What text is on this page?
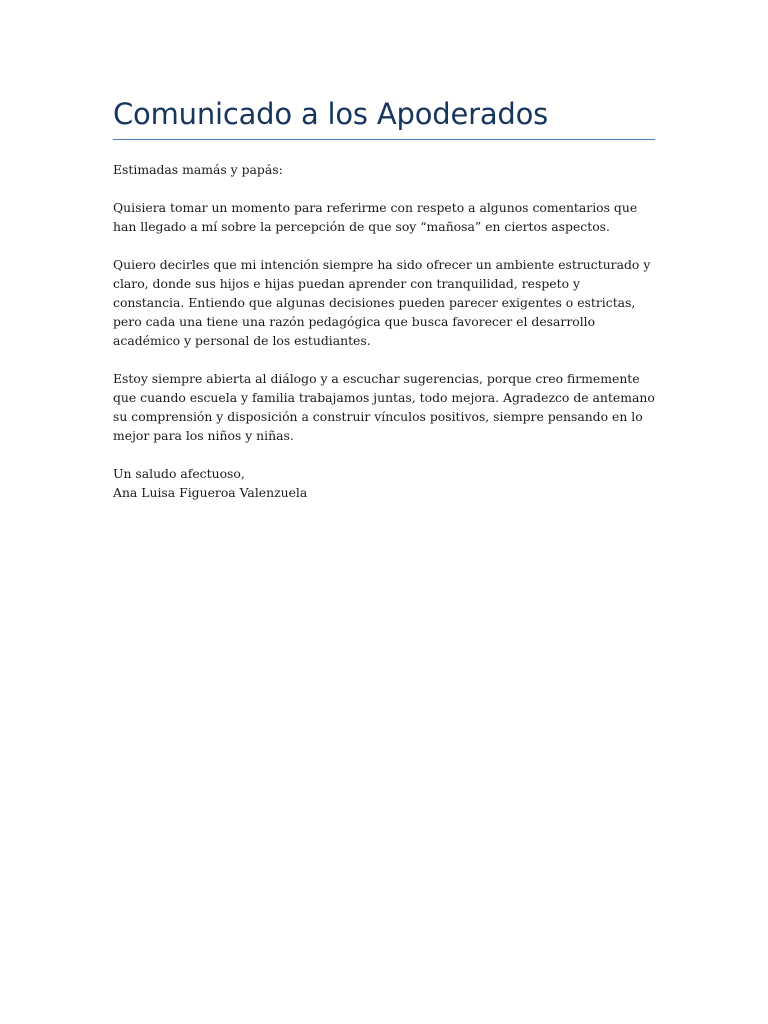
Comunicado a los Apoderados

Estimadas mamás y papás:

Quisiera tomar un momento para referirme con respeto a algunos comentarios que han llegado a mí sobre la percepción de que soy “mañosa” en ciertos aspectos.

Quiero decirles que mi intención siempre ha sido ofrecer un ambiente estructurado y claro, donde sus hijos e hijas puedan aprender con tranquilidad, respeto y constancia. Entiendo que algunas decisiones pueden parecer exigentes o estrictas, pero cada una tiene una razón pedagógica que busca favorecer el desarrollo académico y personal de los estudiantes.

Estoy siempre abierta al diálogo y a escuchar sugerencias, porque creo firmemente que cuando escuela y familia trabajamos juntas, todo mejora. Agradezco de antemano su comprensión y disposición a construir vínculos positivos, siempre pensando en lo mejor para los niños y niñas.

Un saludo afectuoso,

Ana Luisa Figueroa Valenzuela
